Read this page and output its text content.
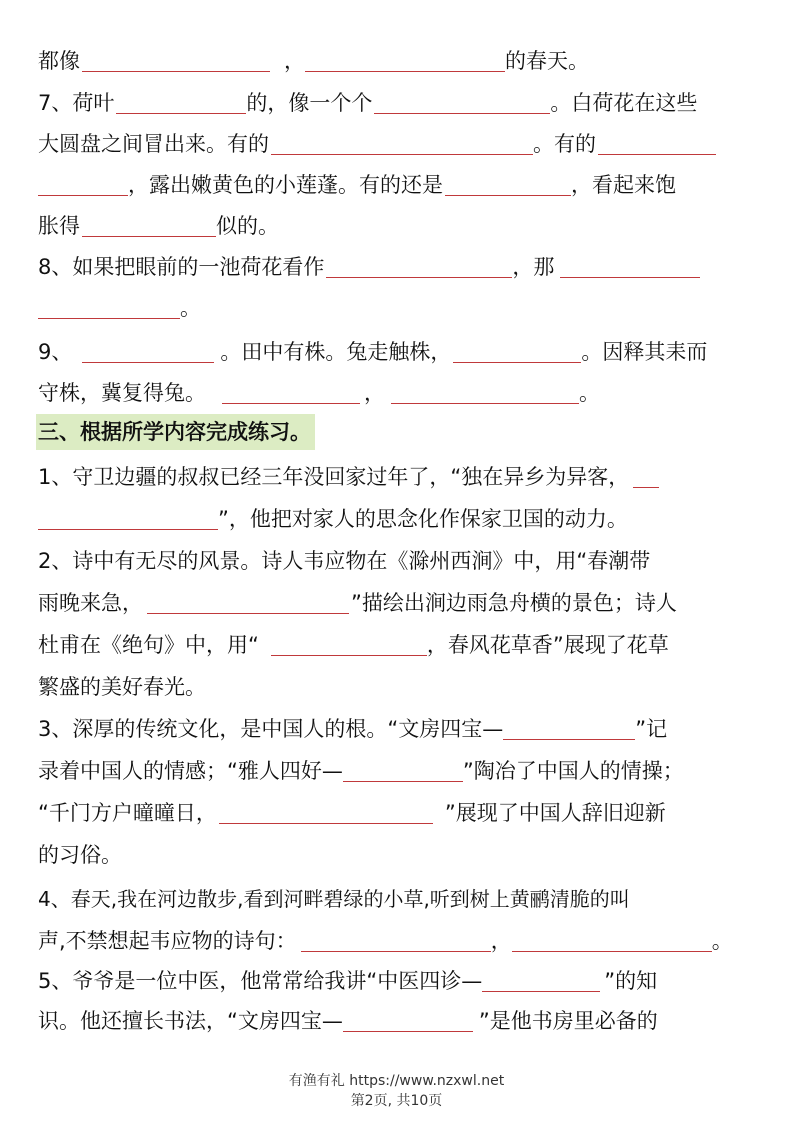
都像	，	的春天。
7、荷叶	的，像一个个	。白荷花在这些
大圆盘之间冒出来。有的	。有的
，露出嫩黄色的小莲蓬。有的还是	，看起来饱
胀得	似的。
8、如果把眼前的一池荷花看作	，那
。
9、	。田中有株。兔走触株，	。因释其耒而
守株，冀复得兔。	，	。
三、根据所学内容完成练习。
1、守卫边疆的叔叔已经三年没回家过年了，“独在异乡为异客，
”，他把对家人的思念化作保家卫国的动力。
2、诗中有无尽的风景。诗人韦应物在《滁州西涧》中，用“春潮带
雨晚来急，	”描绘出涧边雨急舟横的景色；诗人
杜甫在《绝句》中，用“	，春风花草香”展现了花草
繁盛的美好春光。
3、深厚的传统文化，是中国人的根。“文房四宝—	”记
录着中国人的情感；“雅人四好—	”陶冶了中国人的情操；
“千门方户曈曈日，	”展现了中国人辞旧迎新
的习俗。
4、春天,我在河边散步,看到河畔碧绿的小草,听到树上黄鹂清脆的叫
声,不禁想起韦应物的诗句：	，	。
5、爷爷是一位中医，他常常给我讲“中医四诊—	”的知
识。他还擅长书法，“文房四宝—	”是他书房里必备的
有渔有礼 https://www.nzxwl.net
第2页, 共10页
